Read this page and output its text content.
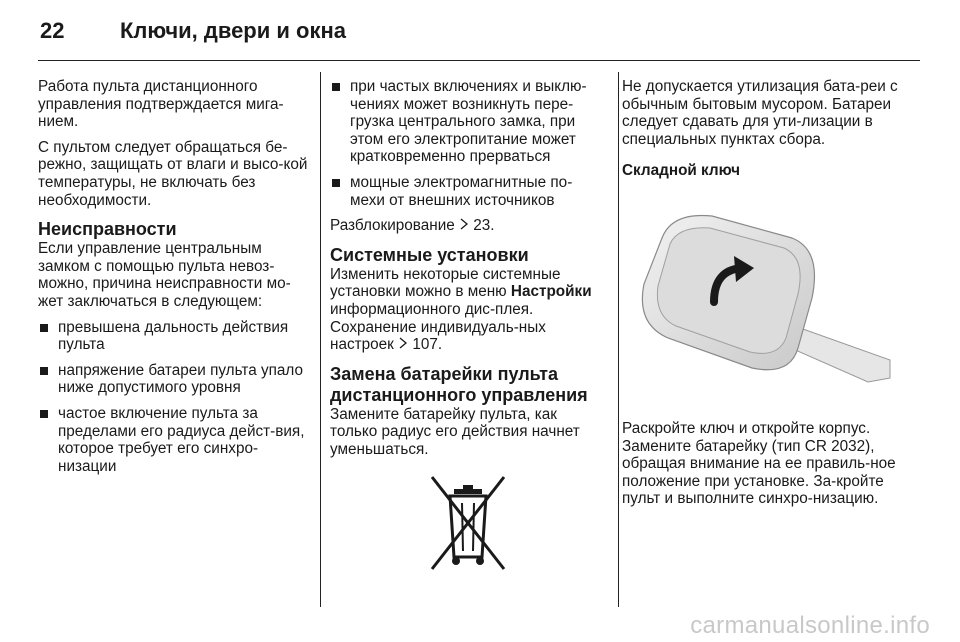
22	Ключи, двери и окна

Работа пульта дистанционного управления подтверждается мига-нием.

С пультом следует обращаться бе-режно, защищать от влаги и высо-кой температуры, не включать без необходимости.

Неисправности

Если управление центральным замком с помощью пульта невоз-можно, причина неисправности мо-жет заключаться в следующем:

превышена дальность действия пульта
напряжение батареи пульта упало ниже допустимого уровня
частое включение пульта за пределами его радиуса дейст-вия, которое требует его синхро-низации
при частых включениях и выклю-чениях может возникнуть пере-грузка центрального замка, при этом его электропитание может кратковременно прерваться
мощные электромагнитные по-мехи от внешних источников

Разблокирование 23.

Системные установки

Изменить некоторые системные установки можно в меню Настройки информационного дис-плея. Сохранение индивидуаль-ных настроек 107.

Замена батарейки пульта дистанционного управления

Замените батарейку пульта, как только радиус его действия начнет уменьшаться.

Не допускается утилизация бата-реи с обычным бытовым мусором. Батареи следует сдавать для ути-лизации в специальных пунктах сбора.

Складной ключ

Раскройте ключ и откройте корпус. Замените батарейку (тип CR 2032), обращая внимание на ее правиль-ное положение при установке. За-кройте пульт и выполните синхро-низацию.

carmanualsonline.info
